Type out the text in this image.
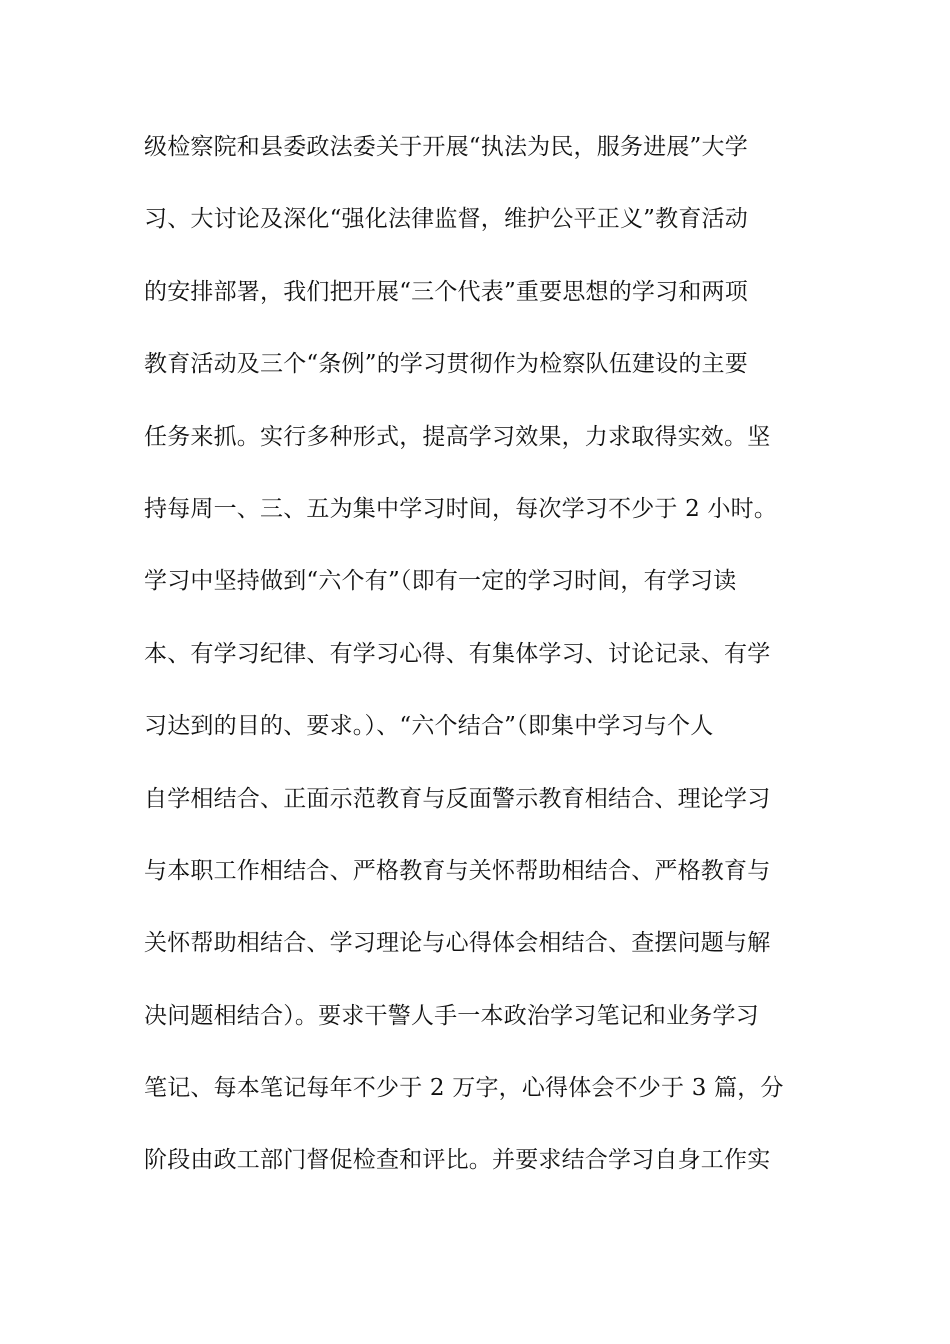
级检察院和县委政法委关于开展“执法为民，服务进展”大学
习、大讨论及深化“强化法律监督，维护公平正义”教育活动
的安排部署，我们把开展“三个代表”重要思想的学习和两项
教育活动及三个“条例”的学习贯彻作为检察队伍建设的主要
任务来抓。实行多种形式，提高学习效果，力求取得实效。坚
持每周一、三、五为集中学习时间，每次学习不少于 2 小时。
学习中坚持做到“六个有”（即有一定的学习时间，有学习读
本、有学习纪律、有学习心得、有集体学习、讨论记录、有学
习达到的目的、要求。）、“六个结合”（即集中学习与个人
自学相结合、正面示范教育与反面警示教育相结合、理论学习
与本职工作相结合、严格教育与关怀帮助相结合、严格教育与
关怀帮助相结合、学习理论与心得体会相结合、查摆问题与解
决问题相结合）。要求干警人手一本政治学习笔记和业务学习
笔记、每本笔记每年不少于 2 万字，心得体会不少于 3 篇，分
阶段由政工部门督促检查和评比。并要求结合学习自身工作实
